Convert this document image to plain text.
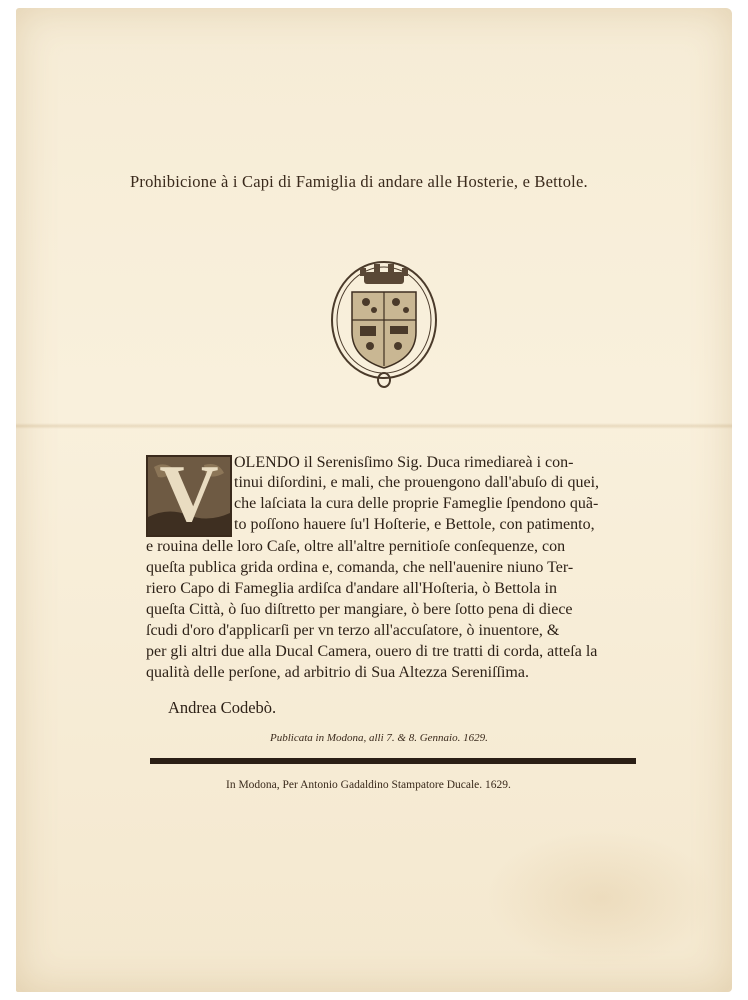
Prohibicione à i Capi di Famiglia di andare alle Hosterie, e Bettole.
V OLENDO il Serenisſimo Sig. Duca rimediareà i con-
tinui diſordini, e mali, che prouengono dall'abuſo di quei,
che laſciata la cura delle proprie Fameglie ſpendono quã-
to poſſono hauere ſu'l Hoſterie, e Bettole, con patimento,
e rouina delle loro Caſe, oltre all'altre pernitioſe conſequenze, con
queſta publica grida ordina e, comanda, che nell'auenire niuno Ter-
riero Capo di Fameglia ardiſca d'andare all'Hoſteria, ò Bettola in
queſta Città, ò ſuo diſtretto per mangiare, ò bere ſotto pena di diece
ſcudi d'oro d'applicarſi per vn terzo all'accuſatore, ò inuentore, &
per gli altri due alla Ducal Camera, ouero di tre tratti di corda, atteſa la
qualità delle perſone, ad arbitrio di Sua Altezza Sereniſſima.
Andrea Codebò.
Publicata in Modona, alli 7. & 8. Gennaio. 1629.
In Modona, Per Antonio Gadaldino Stampatore Ducale. 1629.
